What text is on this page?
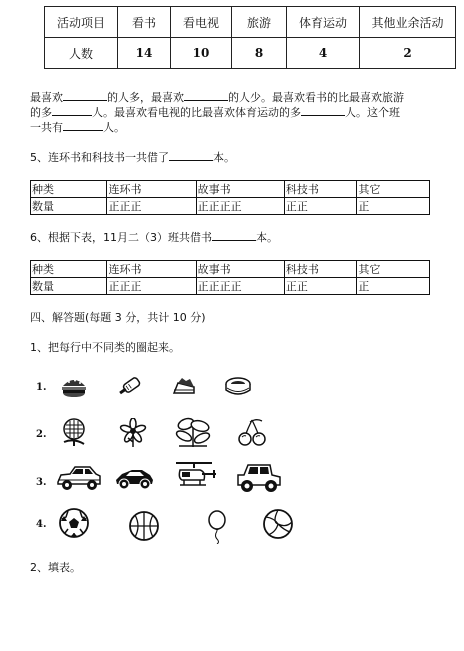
活动项目	看书	看电视	旅游	体育运动	其他业余活动
人数	14	10	8	4	2
最喜欢	的人多，最喜欢	的人少。最喜欢看书的比最喜欢旅游
的多	人。最喜欢看电视的比最喜欢体育运动的多	人。这个班
一共有	人。
5、连环书和科技书一共借了	本。
种类	连环书	故事书	科技书	其它
数量	正正正	正正正正	正正	正
6、根据下表，11月二（3）班共借书	本。
种类	连环书	故事书	科技书	其它
数量	正正正	正正正正	正正	正
四、解答题(每题 3 分，共计 10 分)
1、把每行中不同类的圈起来。
1.
2.
3.
4.
2、填表。
